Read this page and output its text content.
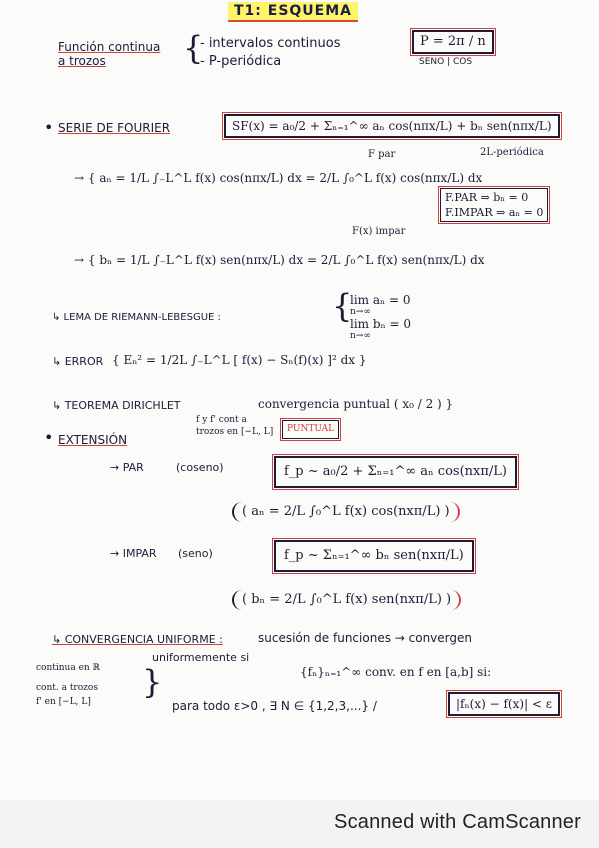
T1: ESQUEMA
Función continua a trozos	{
- intervalos continuos
- P-periódica
P = 2π / n
SENO | COS
• SERIE DE FOURIER	SF(x) = a₀/2 + Σₙ₌₁^∞ aₙ cos(nπx/L) + bₙ sen(nπx/L)
2L-periódica
F par
→ { aₙ = 1/L ∫₋L^L f(x) cos(nπx/L) dx = 2/L ∫₀^L f(x) cos(nπx/L) dx
F.PAR ⇒ bₙ = 0
F.IMPAR ⇒ aₙ = 0
F(x) impar
→ { bₙ = 1/L ∫₋L^L f(x) sen(nπx/L) dx = 2/L ∫₀^L f(x) sen(nπx/L) dx
↳ LEMA DE RIEMANN-LEBESGUE :	{
lim aₙ = 0
n→∞
lim bₙ = 0
n→∞
↳ ERROR { Eₙ² = 1/2L ∫₋L^L [ f(x) − Sₙ(f)(x) ]² dx }
↳ TEOREMA DIRICHLET	convergencia puntual ( x₀ / 2 ) }
f y f' cont a
trozos en [−L, L]	PUNTUAL
• EXTENSIÓN
→ PAR	(coseno)	f_p ~ a₀/2 + Σₙ₌₁^∞ aₙ cos(nxπ/L)
( aₙ = 2/L ∫₀^L f(x) cos(nxπ/L) )
→ IMPAR (seno)	f_p ~ Σₙ₌₁^∞ bₙ sen(nxπ/L)
( bₙ = 2/L ∫₀^L f(x) sen(nxπ/L) )
↳ CONVERGENCIA UNIFORME :	sucesión de funciones → convergen
uniformemente si
{fₙ}ₙ₌₁^∞ conv. en f en [a,b] si:
continua en ℝ
cont. a trozos
f' en [−L, L]
}
para todo ε>0 , ∃ N ∈ {1,2,3,...} /	|fₙ(x) − f(x)| < ε
Scanned with CamScanner
